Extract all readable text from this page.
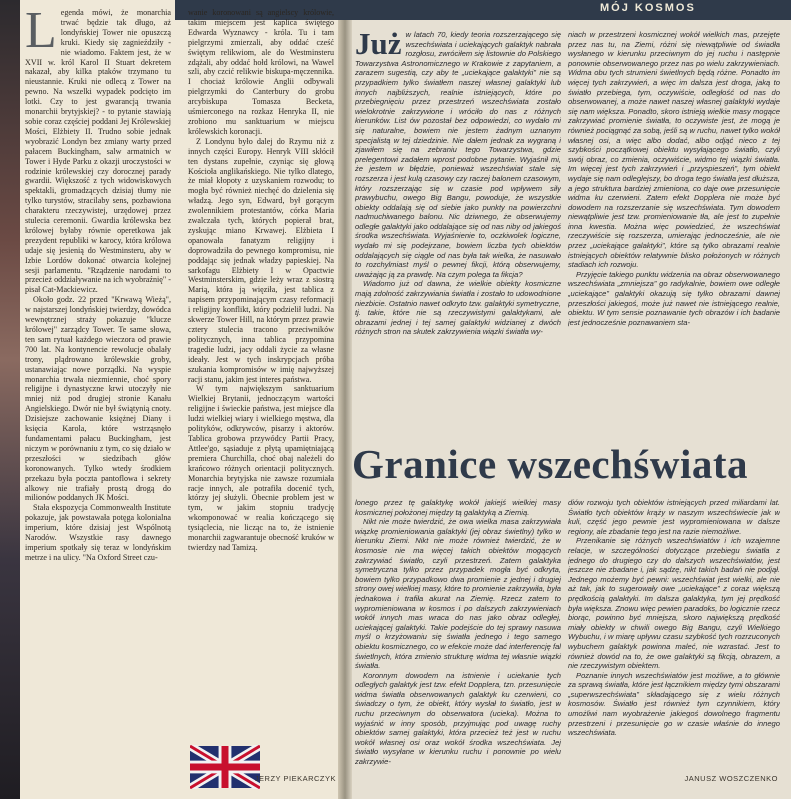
MÓJ KOSMOS
L egenda mówi, że monarchia trwać będzie tak długo, aż londyńskiej Tower nie opuszczą kruki. Kiedy się zagnieździły - nie wiadomo. Faktem jest, że w XVII w. król Karol II Stuart dekretem nakazał, aby kilka ptaków trzymano tu nieustannie. Kruki nie odlecą z Tower na pewno. Na wszelki wypadek podcięto im lotki. Czy to jest gwarancją trwania monarchii brytyjskiej? - to pytanie stawiają sobie coraz częściej poddani Jej Królewskiej Mości, Elżbiety II. Trudno sobie jednak wyobrazić Londyn bez zmiany warty przed pałacem Buckingham, salw armatnich w Tower i Hyde Parku z okazji uroczystości w rodzinie królewskiej czy dorocznej parady gwardii. Większość z tych widowiskowych spektakli, gromadzących dzisiaj tłumy nie tylko turystów, stracilaby sens, pozbawiona charakteru rzeczywistej, urzędowej przez stulecia ceremonii. Gwardia królewska bez królowej byłaby równie operetkowa jak prezydent republiki w karocy, która królowa udaje się jesienią do Westminsteru, aby w Izbie Lordów dokonać otwarcia kolejnej sesji parlamentu. "Rządzenie narodami to przecież oddziaływanie na ich wyobraźnię" - pisał Cat-Mackiewicz.

Około godz. 22 przed "Krwawą Wieżą", w najstarszej londyńskiej twierdzy, dowódca wewnętrznej straży pokazuje "klucze królowej" zarządcy Tower. Te same słowa, ten sam rytuał każdego wieczora od prawie 700 lat. Na kontynencie rewolucje obalały trony, plądrowano królewskie groby, ustanawiając nowe porządki. Na wyspie monarchia trwała niezmiennie, choć spory religijne i dynastyczne krwi utoczyły nie mniej niż pod drugiej stronie Kanału Angielskiego. Dwór nie był świątynią cnoty. Dzisiejsze zachowanie księżnej Diany i księcia Karola, które wstrząsnęło fundamentami pałacu Buckingham, jest niczym w porównaniu z tym, co się działo w przeszłości w siedzibach głów koronowanych. Tylko wtedy środkiem przekazu była poczta pantoflowa i sekrety alkowy nie trafiały prostą drogą do milionów poddanych JK Mości.

Stała ekspozycja Commonwealth Institute pokazuje, jak powstawała potęga kolonialna imperium, które dzisiaj jest Wspólnotą Narodów. Wszystkie rasy dawnego imperium spotkały się teraz w londyńskim metrze i na ulicy. "Na Oxford Street czu-

wanie koronowani są angielscy królowie, takim miejscem jest kaplica świętego Edwarda Wyznawcy - króla. Tu i tam pielgrzymi zmierzali, aby oddać cześć świętym relikwiom, ale do Westminsteru zdążali, aby oddać hołd królowi, na Wawel szli, aby czcić relikwie biskupa-męczennika. I chociaż królowie Anglii odbywali pielgrzymki do Canterbury do grobu arcybiskupa Tomasza Becketa, uśmierconego na rozkaz Henryka II, nie zrobiono mu sanktuarium w miejscu królewskich koronacji.

Z Londynu było dalej do Rzymu niż z innych części Europy. Henryk VIII skłócił ten dystans zupełnie, czyniąc się głową Kościoła anglikańskiego. Nie tylko dlatego, że miał kłopoty z uzyskaniem rozwodu; to mogła być również niechęć do dzielenia się władzą. Jego syn, Edward, był gorącym zwolennikiem protestantów, córka Maria zwalczała tych, których popierał brat, zyskując miano Krwawej. Elżbieta I opanowała fanatyzm religijny i doprowadziła do pewnego kompromisu, nie poddając się jednak władzy papieskiej. Na sarkofagu Elżbiety I w Opactwie Westminsterskim, gdzie leży wraz z siostrą Marią, która ją więziła, jest tablica z napisem przypominającym czasy reformacji i religijny konflikt, który podzielił ludzi. Na skwerze Tower Hill, na którym przez prawie cztery stulecia tracono przeciwników politycznych, inna tablica przypomina tragedie ludzi, jacy oddali życie za własne ideały. Jest w tych inskrypcjach próba szukania kompromisów w imię najwyższej racji stanu, jakim jest interes państwa.

W tym największym sanktuarium Wielkiej Brytanii, jednoczącym wartości religijne i świeckie państwa, jest miejsce dla ludzi wielkiej wiary i wielkiego męstwa, dla polityków, odkrywców, pisarzy i aktorów. Tablica grobowa przywódcy Partii Pracy, Attlee'go, sąsiaduje z płytą upamiętniającą premiera Churchilla, choć obaj należeli do krańcowo różnych orientacji politycznych. Monarchia brytyjska nie zawsze rozumiała racje innych, ale potrafiła docenić tych, którzy jej służyli. Obecnie problem jest w tym, w jakim stopniu tradycję wkomponować w realia kończącego się tysiąclecia, nie licząc na to, że istnienie monarchii zagwarantuje obecność kruków w twierdzy nad Tamizą.

JERZY PIEKARCZYK
Już w latach 70, kiedy teoria rozszerzającego się wszechświata i uciekających galaktyk nabrała rozgłosu, zwróciłem się listownie do Polskiego Towarzystwa Astronomicznego w Krakowie z zapytaniem, a zarazem sugestią, czy aby te „uciekające galaktyki” nie są przypadkiem tylko światłem naszej własnej galaktyki lub innych najbliższych, realnie istniejących, które po przebiegnięciu przez przestrzeń wszechświata zostało wielokrotnie zakrzywione i wróciło do nas z różnych kierunków. List ów pozostał bez odpowiedzi, co wydało mi się naturalne, bowiem nie jestem żadnym uznanym specjalistą w tej dziedzinie. Nie dałem jednak za wygraną i zjawiłem się na zebraniu tego Towarzystwa, gdzie prelegentowi zadałem wprost podobne pytanie. Wyjaśnił mi, że jestem w błędzie, ponieważ wszechświat stale się rozszerza i jest kulą czasowy czy raczej balonem czasowym, który rozszerzając się w czasie pod wpływem siły prawybuchu, owego Big Bangu, powoduje, że wszystkie obiekty oddalają się od siebie jako punkty na powierzchni nadmuchiwanego balonu. Nic dziwnego, że obserwujemy odległe galaktyki jako oddalające się od nas niby od jakiegoś środka wszechświata. Wyjaśnienie to, oczkiwolek logiczne, wydało mi się podejrzane, bowiem liczba tych obiektów oddalających się ciągle od nas była tak wielka, że nasuwało to rozchylmiast myśl o pewnej fikcji, którą obserwujemy, uważając ją za prawdę. Na czym polega ta fikcja?

Wiadomo już od dawna, że wielkie obiekty kosmiczne mają zdolność zakrzywiania światła i zostało to udowodnione niezbicie. Ostatnio nawet odkryto tzw. galaktyki symetryczne, tj. takie, które nie są rzeczywistymi galaktykami, ale obrazami jednej i tej samej galaktyki widzianej z dwóch różnych stron na skutek zakrzywienia wiązki światła wy-

niach w przestrzeni kosmicznej wokół wielkich mas, przejęte przez nas tu, na Ziemi, różni się niewątpliwie od świadła wysłanego w kierunku przeciwnym do jej ruchu i następnie ponownie obserwowanego przez nas po wielu zakrzywieniach. Widma obu tych strumieni świetlnych będą różne. Ponadto im więcej tych zakrzywień, a więc im dalsza jest droga, jaką to światło przebiega, tym, oczywiście, odległość od nas do obserwowanej, a może nawet naszej własnej galaktyki wydaje się nam większa. Ponadto, skoro istnieją wielkie masy mogące zakrzywiać promienie światła, to oczywiste jest, że mogą je również pociągnąć za sobą, jeśli są w ruchu, nawet tylko wokół własnej osi, a więc albo dodać, albo odjąć nieco z tej szybkości początkowej obiektu wysyłającego światło, czyli swój obraz, co zmienia, oczywiście, widmo tej wiązki światła. Im więcej jest tych zakrzywień i „przyspieszeń”, tym obiekt wydaje się nam odleglejszy, bo droga tego światła jest dłuższa, a jego struktura bardziej zmieniona, co daje owe przesunięcie widma ku czerwieni. Zatem efekt Dopplera nie może być dowodem na rozszerzanie się wszechświata. Tym dowodem niewątpliwie jest tzw. promieniowanie tła, ale jest to zupełnie inna kwestia. Można więc powiedzieć, że wszechświat rzeczywiście się rozszerza, umierając jednocześnie, ale nie przez „uciekające galaktyki”, które są tylko obrazami realnie istniejących obiektów relatywnie blisko położonych w różnych stadiach ich rozwoju.

Przyjęcie takiego punktu widzenia na obraz obserwowanego wszechświata „zmniejsza” go radykalnie, bowiem owe odległe „uciekające” galaktyki okazują się tylko obrazami dawnej przeszłości jakiegoś, może już nawet nie istniejącego realnie, obiektu. W tym sensie poznawanie tych obrazów i ich badanie jest jednocześnie poznawaniem sta-

Granice wszechświata

lonego przez tę galaktykę wokół jakiejś wielkiej masy kosmicznej położonej między tą galaktyką a Ziemią.

Nikt nie może twierdzić, że owa wielka masa zakrzywiała wiązkę promieniowania galaktyki (jej obraz świetlny) tylko w kierunku Ziemi. Nikt nie może również twierdzić, że w kosmosie nie ma więcej takich obiektów mogących zakrzywiać światło, czyli przestrzeń. Zatem galaktyka symetryczna tylko przez przypadek mogła być odkryta, bowiem tylko przypadkowo dwa promienie z jednej i drugiej strony owej wielkiej masy, które to promienie zakrzywiła, była jednakowa i trafiła akurat na Ziemię. Rzecz zatem to wypromieniowana w kosmos i po dalszych zakrzywieniach wokół innych mas wraca do nas jako obraz odległej, uciekającej galaktyki. Takie podejście do tej sprawy nasuwa myśl o krzyżowaniu się światła jednego i tego samego obiektu kosmicznego, co w efekcie może dać interferencję fal świetlnych, która zmienio strukturę widma tej własnie wiązki światła.

Koronnym dowodem na istnienie i uciekanie tych odległych galaktyk jest tzw. efekt Dopplera, tzn. przesunięcie widma światła obserwowanych galaktyk ku czerwieni, co świadczy o tym, że obiekt, który wysłał to światło, jest w ruchu przeciwnym do obserwatora (ucieka). Można to wyjaśnić w inny sposób, przyjmując pod uwagę ruchy obiektów samej galaktyki, która przecież też jest w ruchu wokół własnej osi oraz wokół środka wszechświata. Jej światło wysyłane w kierunku ruchu i ponownie po wielu zakrzywie-

diów rozwoju tych obiektów istniejących przed miliardami lat. Światło tych obiektów krąży w naszym wszechświecie jak w kuli, część jego pewnie jest wypromieniowana w dalsze regiony, ale zbadanie tego jest na razie niemożliwe.

Przenikanie się różnych wszechświatów i ich wzajemne relacje, w szczególności dotyczące przebiegu światła z jednego do drugiego czy do dalszych wszechświatów, jest jeszcze nie zbadane i, jak sądzę, nikt takich badań nie podjął. Jednego możemy być pewni: wszechświat jest wielki, ale nie aż tak, jak to sugerowały owe „uciekające” z coraz większą prędkością galaktyki. Im dalsza galaktyka, tym jej prędkość była większa. Znowu więc pewien paradoks, bo logicznie rzecz biorąc, powinno być mniejsza, skoro największą prędkość miały obiekty w chwili owego Big Bangu, czyli Wielkiego Wybuchu, i w miarę upływu czasu szybkość tych rozrzuconych wybuchem galaktyk powinna maleć, nie wzrastać. Jest to również dowód na to, że owe galaktyki są fikcją, obrazem, a nie rzeczywistym obiektem.

Poznanie innych wszechświatów jest możliwe, a to głównie za sprawą światła, które jest łącznikiem między tymi obszarami „superwszechświata” składającego się z wielu różnych kosmosów. Światło jest również tym czynnikiem, który umożliwi nam wyobrażenie jakiegoś dowolnego fragmentu przestrzeni i przesunięcie go w czasie właśnie do innego wszechświata.

JANUSZ WOSZCZENKO
